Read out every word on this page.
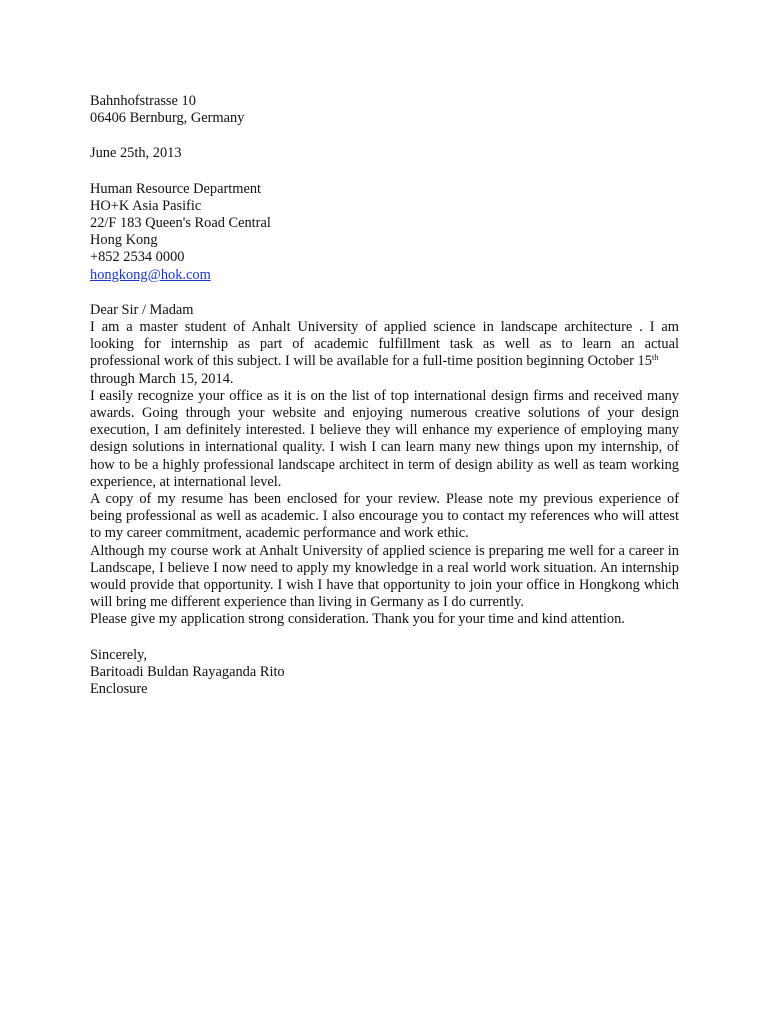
Bahnhofstrasse 10
06406 Bernburg, Germany
June 25th, 2013
Human Resource Department
HO+K Asia Pasific
22/F 183 Queen's Road Central
Hong Kong
+852 2534 0000
hongkong@hok.com
Dear Sir / Madam
I am a master student of Anhalt University of applied science in landscape architecture . I am
looking for internship as part of academic fulfillment task as well as to learn an actual
professional work of this subject. I will be available for a full-time position beginning October 15th
through March 15, 2014.
I easily recognize your office as it is on the list of top international design firms and received many
awards. Going through your website and enjoying numerous creative solutions of your design
execution, I am definitely interested. I believe they will enhance my experience of employing many
design solutions in international quality. I wish I can learn many new things upon my internship, of
how to be a highly professional landscape architect in term of design ability as well as team working
experience, at international level.
A copy of my resume has been enclosed for your review. Please note my previous experience of
being professional as well as academic. I also encourage you to contact my references who will attest
to my career commitment, academic performance and work ethic.
Although my course work at Anhalt University of applied science is preparing me well for a career in
Landscape, I believe I now need to apply my knowledge in a real world work situation. An internship
would provide that opportunity. I wish I have that opportunity to join your office in Hongkong which
will bring me different experience than living in Germany as I do currently.
Please give my application strong consideration. Thank you for your time and kind attention.
Sincerely,
Baritoadi Buldan Rayaganda Rito
Enclosure
